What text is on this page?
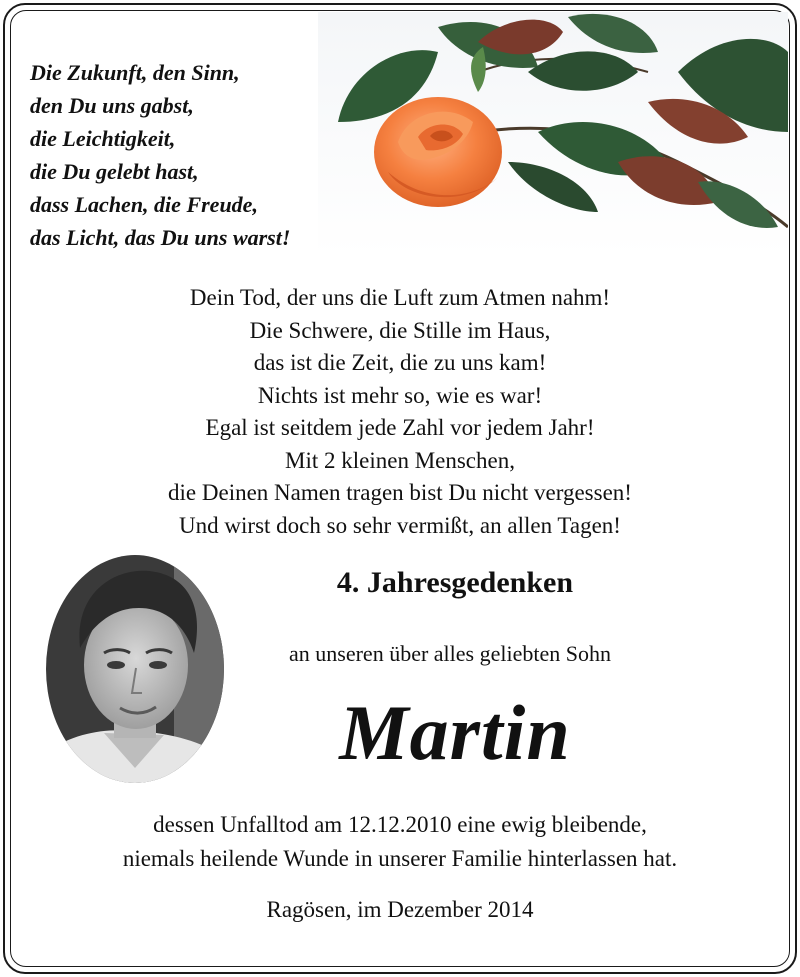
Die Zukunft, den Sinn,
den Du uns gabst,
die Leichtigkeit,
die Du gelebt hast,
dass Lachen, die Freude,
das Licht, das Du uns warst!
Dein Tod, der uns die Luft zum Atmen nahm!
Die Schwere, die Stille im Haus,
das ist die Zeit, die zu uns kam!
Nichts ist mehr so, wie es war!
Egal ist seitdem jede Zahl vor jedem Jahr!
Mit 2 kleinen Menschen,
die Deinen Namen tragen bist Du nicht vergessen!
Und wirst doch so sehr vermißt, an allen Tagen!
4. Jahresgedenken
an unseren über alles geliebten Sohn
Martin
dessen Unfalltod am 12.12.2010 eine ewig bleibende,
niemals heilende Wunde in unserer Familie hinterlassen hat.
Ragösen, im Dezember 2014
